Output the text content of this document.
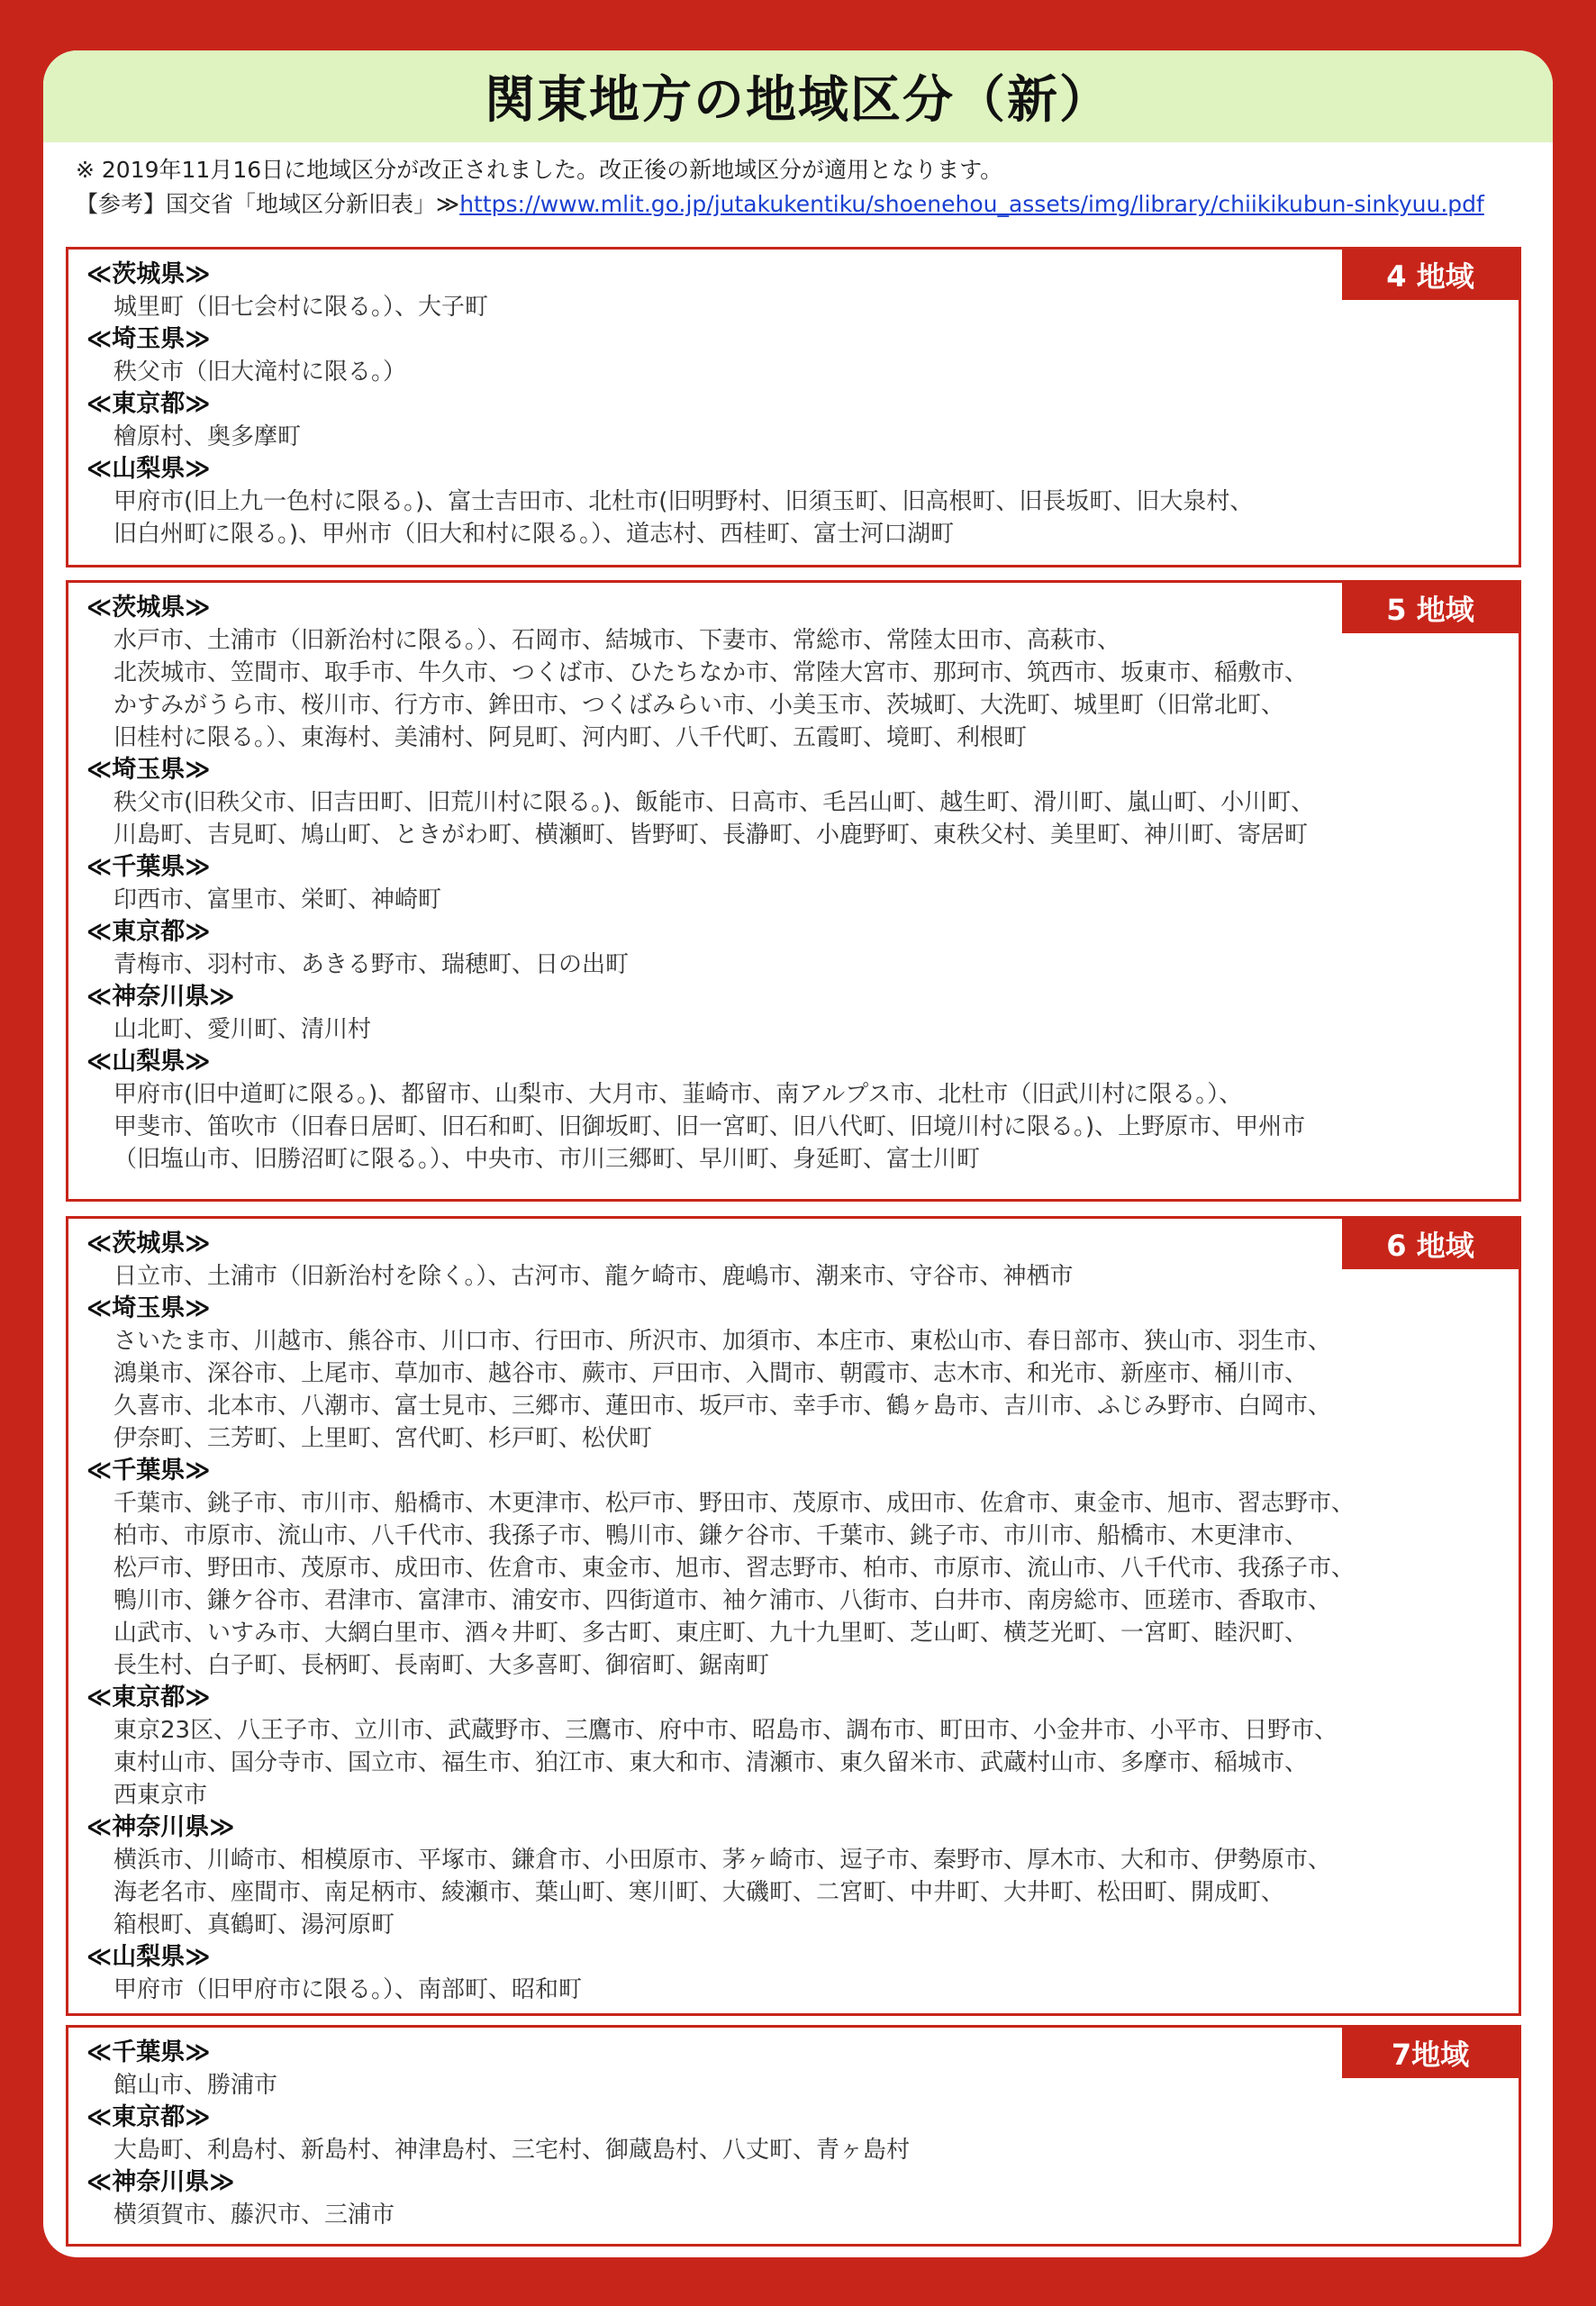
関東地方の地域区分（新）
※ 2019年11月16日に地域区分が改正されました。改正後の新地域区分が適用となります。
【参考】国交省「地域区分新旧表」≫https://www.mlit.go.jp/jutakukentiku/shoenehou_assets/img/library/chiikikubun-sinkyuu.pdf
4 地域
≪茨城県≫
城里町（旧七会村に限る。）、大子町
≪埼玉県≫
秩父市（旧大滝村に限る。）
≪東京都≫
檜原村、奥多摩町
≪山梨県≫
甲府市(旧上九一色村に限る。)、富士吉田市、北杜市(旧明野村、旧須玉町、旧高根町、旧長坂町、旧大泉村、
旧白州町に限る。)、甲州市（旧大和村に限る。）、道志村、西桂町、富士河口湖町
5 地域
≪茨城県≫
水戸市、土浦市（旧新治村に限る。）、石岡市、結城市、下妻市、常総市、常陸太田市、高萩市、
北茨城市、笠間市、取手市、牛久市、つくば市、ひたちなか市、常陸大宮市、那珂市、筑西市、坂東市、稲敷市、
かすみがうら市、桜川市、行方市、鉾田市、つくばみらい市、小美玉市、茨城町、大洗町、城里町（旧常北町、
旧桂村に限る。）、東海村、美浦村、阿見町、河内町、八千代町、五霞町、境町、利根町
≪埼玉県≫
秩父市(旧秩父市、旧吉田町、旧荒川村に限る。)、飯能市、日高市、毛呂山町、越生町、滑川町、嵐山町、小川町、
川島町、吉見町、鳩山町、ときがわ町、横瀬町、皆野町、長瀞町、小鹿野町、東秩父村、美里町、神川町、寄居町
≪千葉県≫
印西市、富里市、栄町、神崎町
≪東京都≫
青梅市、羽村市、あきる野市、瑞穂町、日の出町
≪神奈川県≫
山北町、愛川町、清川村
≪山梨県≫
甲府市(旧中道町に限る。)、都留市、山梨市、大月市、韮崎市、南アルプス市、北杜市（旧武川村に限る。）、
甲斐市、笛吹市（旧春日居町、旧石和町、旧御坂町、旧一宮町、旧八代町、旧境川村に限る。)、上野原市、甲州市
（旧塩山市、旧勝沼町に限る。）、中央市、市川三郷町、早川町、身延町、富士川町
6 地域
≪茨城県≫
日立市、土浦市（旧新治村を除く。）、古河市、龍ケ崎市、鹿嶋市、潮来市、守谷市、神栖市
≪埼玉県≫
さいたま市、川越市、熊谷市、川口市、行田市、所沢市、加須市、本庄市、東松山市、春日部市、狭山市、羽生市、
鴻巣市、深谷市、上尾市、草加市、越谷市、蕨市、戸田市、入間市、朝霞市、志木市、和光市、新座市、桶川市、
久喜市、北本市、八潮市、富士見市、三郷市、蓮田市、坂戸市、幸手市、鶴ヶ島市、吉川市、ふじみ野市、白岡市、
伊奈町、三芳町、上里町、宮代町、杉戸町、松伏町
≪千葉県≫
千葉市、銚子市、市川市、船橋市、木更津市、松戸市、野田市、茂原市、成田市、佐倉市、東金市、旭市、習志野市、
柏市、市原市、流山市、八千代市、我孫子市、鴨川市、鎌ケ谷市、千葉市、銚子市、市川市、船橋市、木更津市、
松戸市、野田市、茂原市、成田市、佐倉市、東金市、旭市、習志野市、柏市、市原市、流山市、八千代市、我孫子市、
鴨川市、鎌ケ谷市、君津市、富津市、浦安市、四街道市、袖ケ浦市、八街市、白井市、南房総市、匝瑳市、香取市、
山武市、いすみ市、大網白里市、酒々井町、多古町、東庄町、九十九里町、芝山町、横芝光町、一宮町、睦沢町、
長生村、白子町、長柄町、長南町、大多喜町、御宿町、鋸南町
≪東京都≫
東京23区、八王子市、立川市、武蔵野市、三鷹市、府中市、昭島市、調布市、町田市、小金井市、小平市、日野市、
東村山市、国分寺市、国立市、福生市、狛江市、東大和市、清瀬市、東久留米市、武蔵村山市、多摩市、稲城市、
西東京市
≪神奈川県≫
横浜市、川崎市、相模原市、平塚市、鎌倉市、小田原市、茅ヶ崎市、逗子市、秦野市、厚木市、大和市、伊勢原市、
海老名市、座間市、南足柄市、綾瀬市、葉山町、寒川町、大磯町、二宮町、中井町、大井町、松田町、開成町、
箱根町、真鶴町、湯河原町
≪山梨県≫
甲府市（旧甲府市に限る。）、南部町、昭和町
7地域
≪千葉県≫
館山市、勝浦市
≪東京都≫
大島町、利島村、新島村、神津島村、三宅村、御蔵島村、八丈町、青ヶ島村
≪神奈川県≫
横須賀市、藤沢市、三浦市
